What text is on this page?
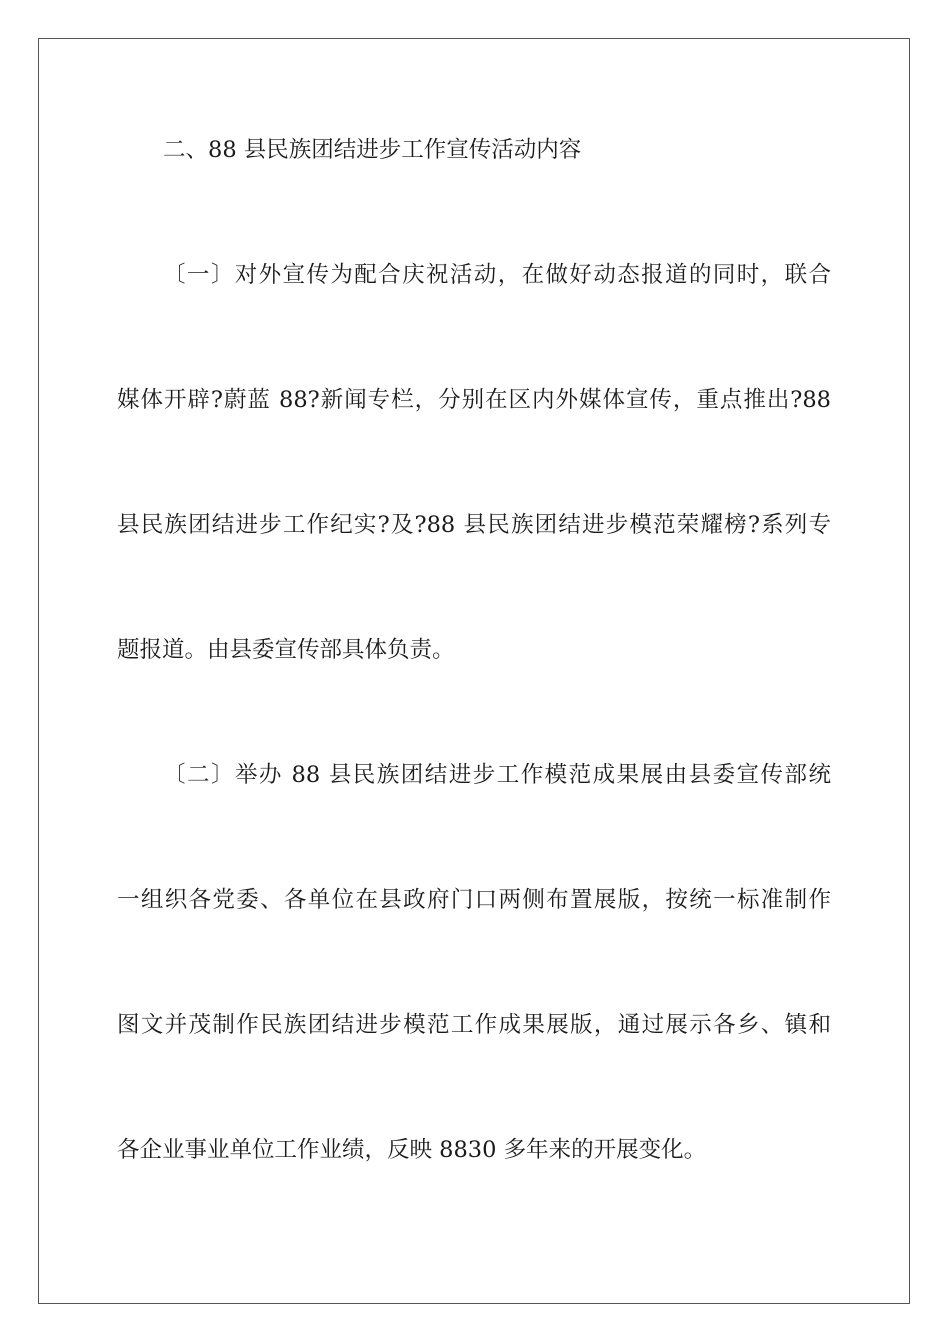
二、88 县民族团结进步工作宣传活动内容
〔一〕对外宣传为配合庆祝活动，在做好动态报道的同时，联合
媒体开辟?蔚蓝 88?新闻专栏，分别在区内外媒体宣传，重点推出?88
县民族团结进步工作纪实?及?88 县民族团结进步模范荣耀榜?系列专
题报道。由县委宣传部具体负责。
〔二〕举办 88 县民族团结进步工作模范成果展由县委宣传部统
一组织各党委、各单位在县政府门口两侧布置展版，按统一标准制作
图文并茂制作民族团结进步模范工作成果展版，通过展示各乡、镇和
各企业事业单位工作业绩，反映 8830 多年来的开展变化。
